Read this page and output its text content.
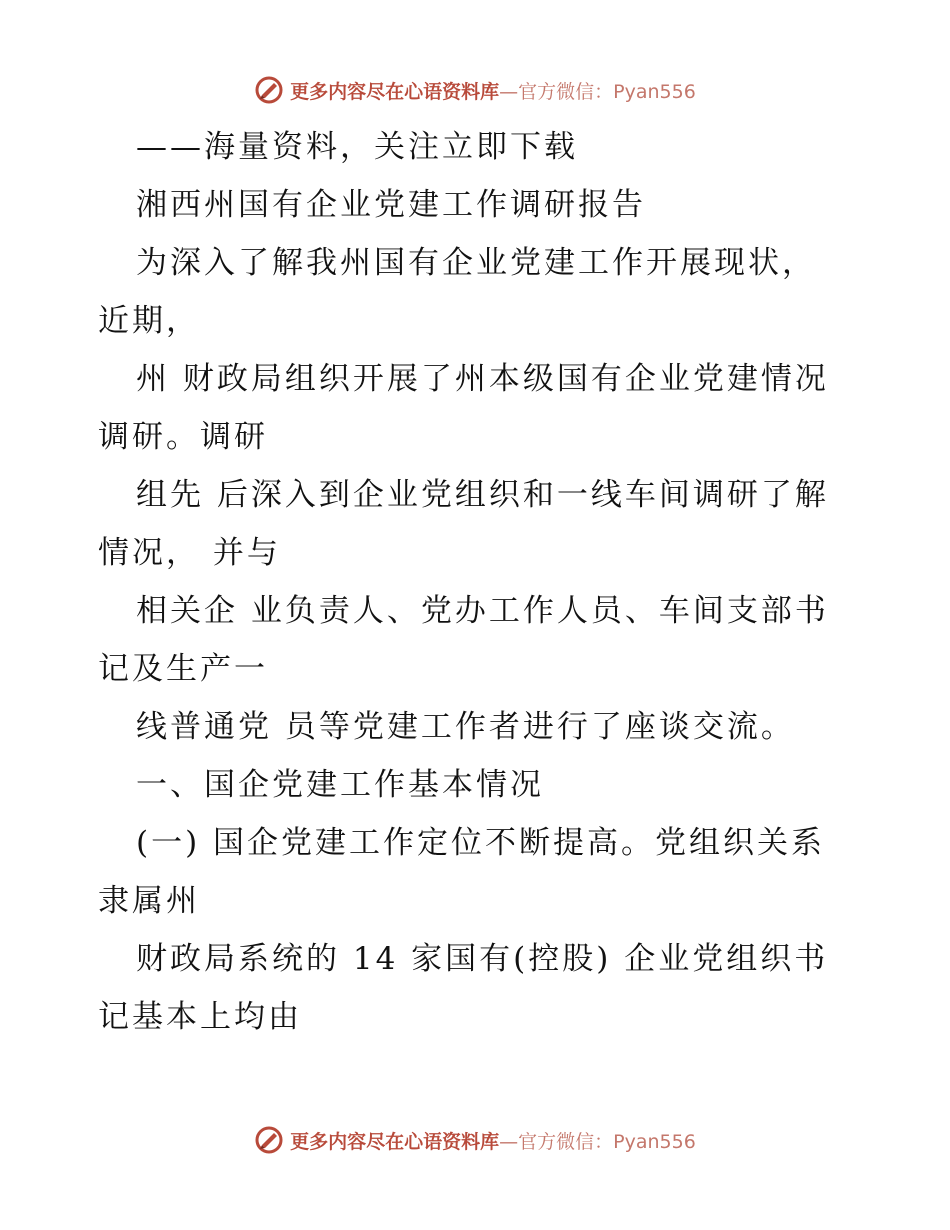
更多内容尽在心语资料库—官方微信：Pyan556
——海量资料，关注立即下载
湘西州国有企业党建工作调研报告
为深入了解我州国有企业党建工作开展现状，
近期，
州 财政局组织开展了州本级国有企业党建情况
调研。调研
组先 后深入到企业党组织和一线车间调研了解
情况， 并与
相关企 业负责人、党办工作人员、车间支部书
记及生产一
线普通党 员等党建工作者进行了座谈交流。
一、国企党建工作基本情况
(一) 国企党建工作定位不断提高。党组织关系
隶属州
财政局系统的 14 家国有(控股) 企业党组织书
记基本上均由
更多内容尽在心语资料库—官方微信：Pyan556
